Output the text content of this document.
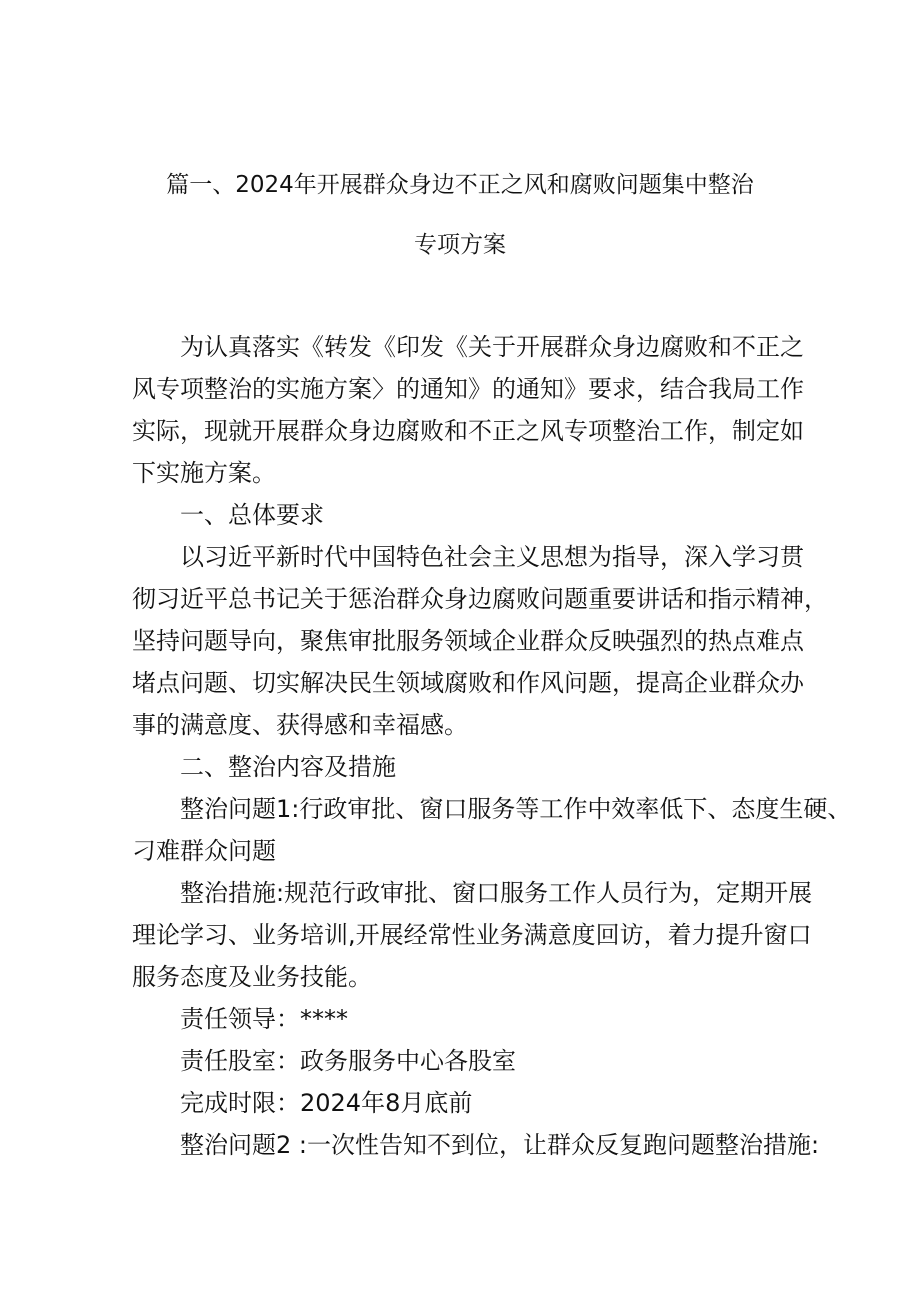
篇一、2024年开展群众身边不正之风和腐败问题集中整治
专项方案
为认真落实《转发《印发《关于开展群众身边腐败和不正之
风专项整治的实施方案〉的通知》的通知》要求，结合我局工作
实际，现就开展群众身边腐败和不正之风专项整治工作，制定如
下实施方案。
一、总体要求
以习近平新时代中国特色社会主义思想为指导，深入学习贯
彻习近平总书记关于惩治群众身边腐败问题重要讲话和指示精神，
坚持问题导向，聚焦审批服务领域企业群众反映强烈的热点难点
堵点问题、切实解决民生领域腐败和作风问题，提高企业群众办
事的满意度、获得感和幸福感。
二、整治内容及措施
整治问题1:行政审批、窗口服务等工作中效率低下、态度生硬、
刁难群众问题
整治措施:规范行政审批、窗口服务工作人员行为，定期开展
理论学习、业务培训,开展经常性业务满意度回访，着力提升窗口
服务态度及业务技能。
责任领导：****
责任股室：政务服务中心各股室
完成时限：2024年8月底前
整治问题2 :一次性告知不到位，让群众反复跑问题整治措施:
